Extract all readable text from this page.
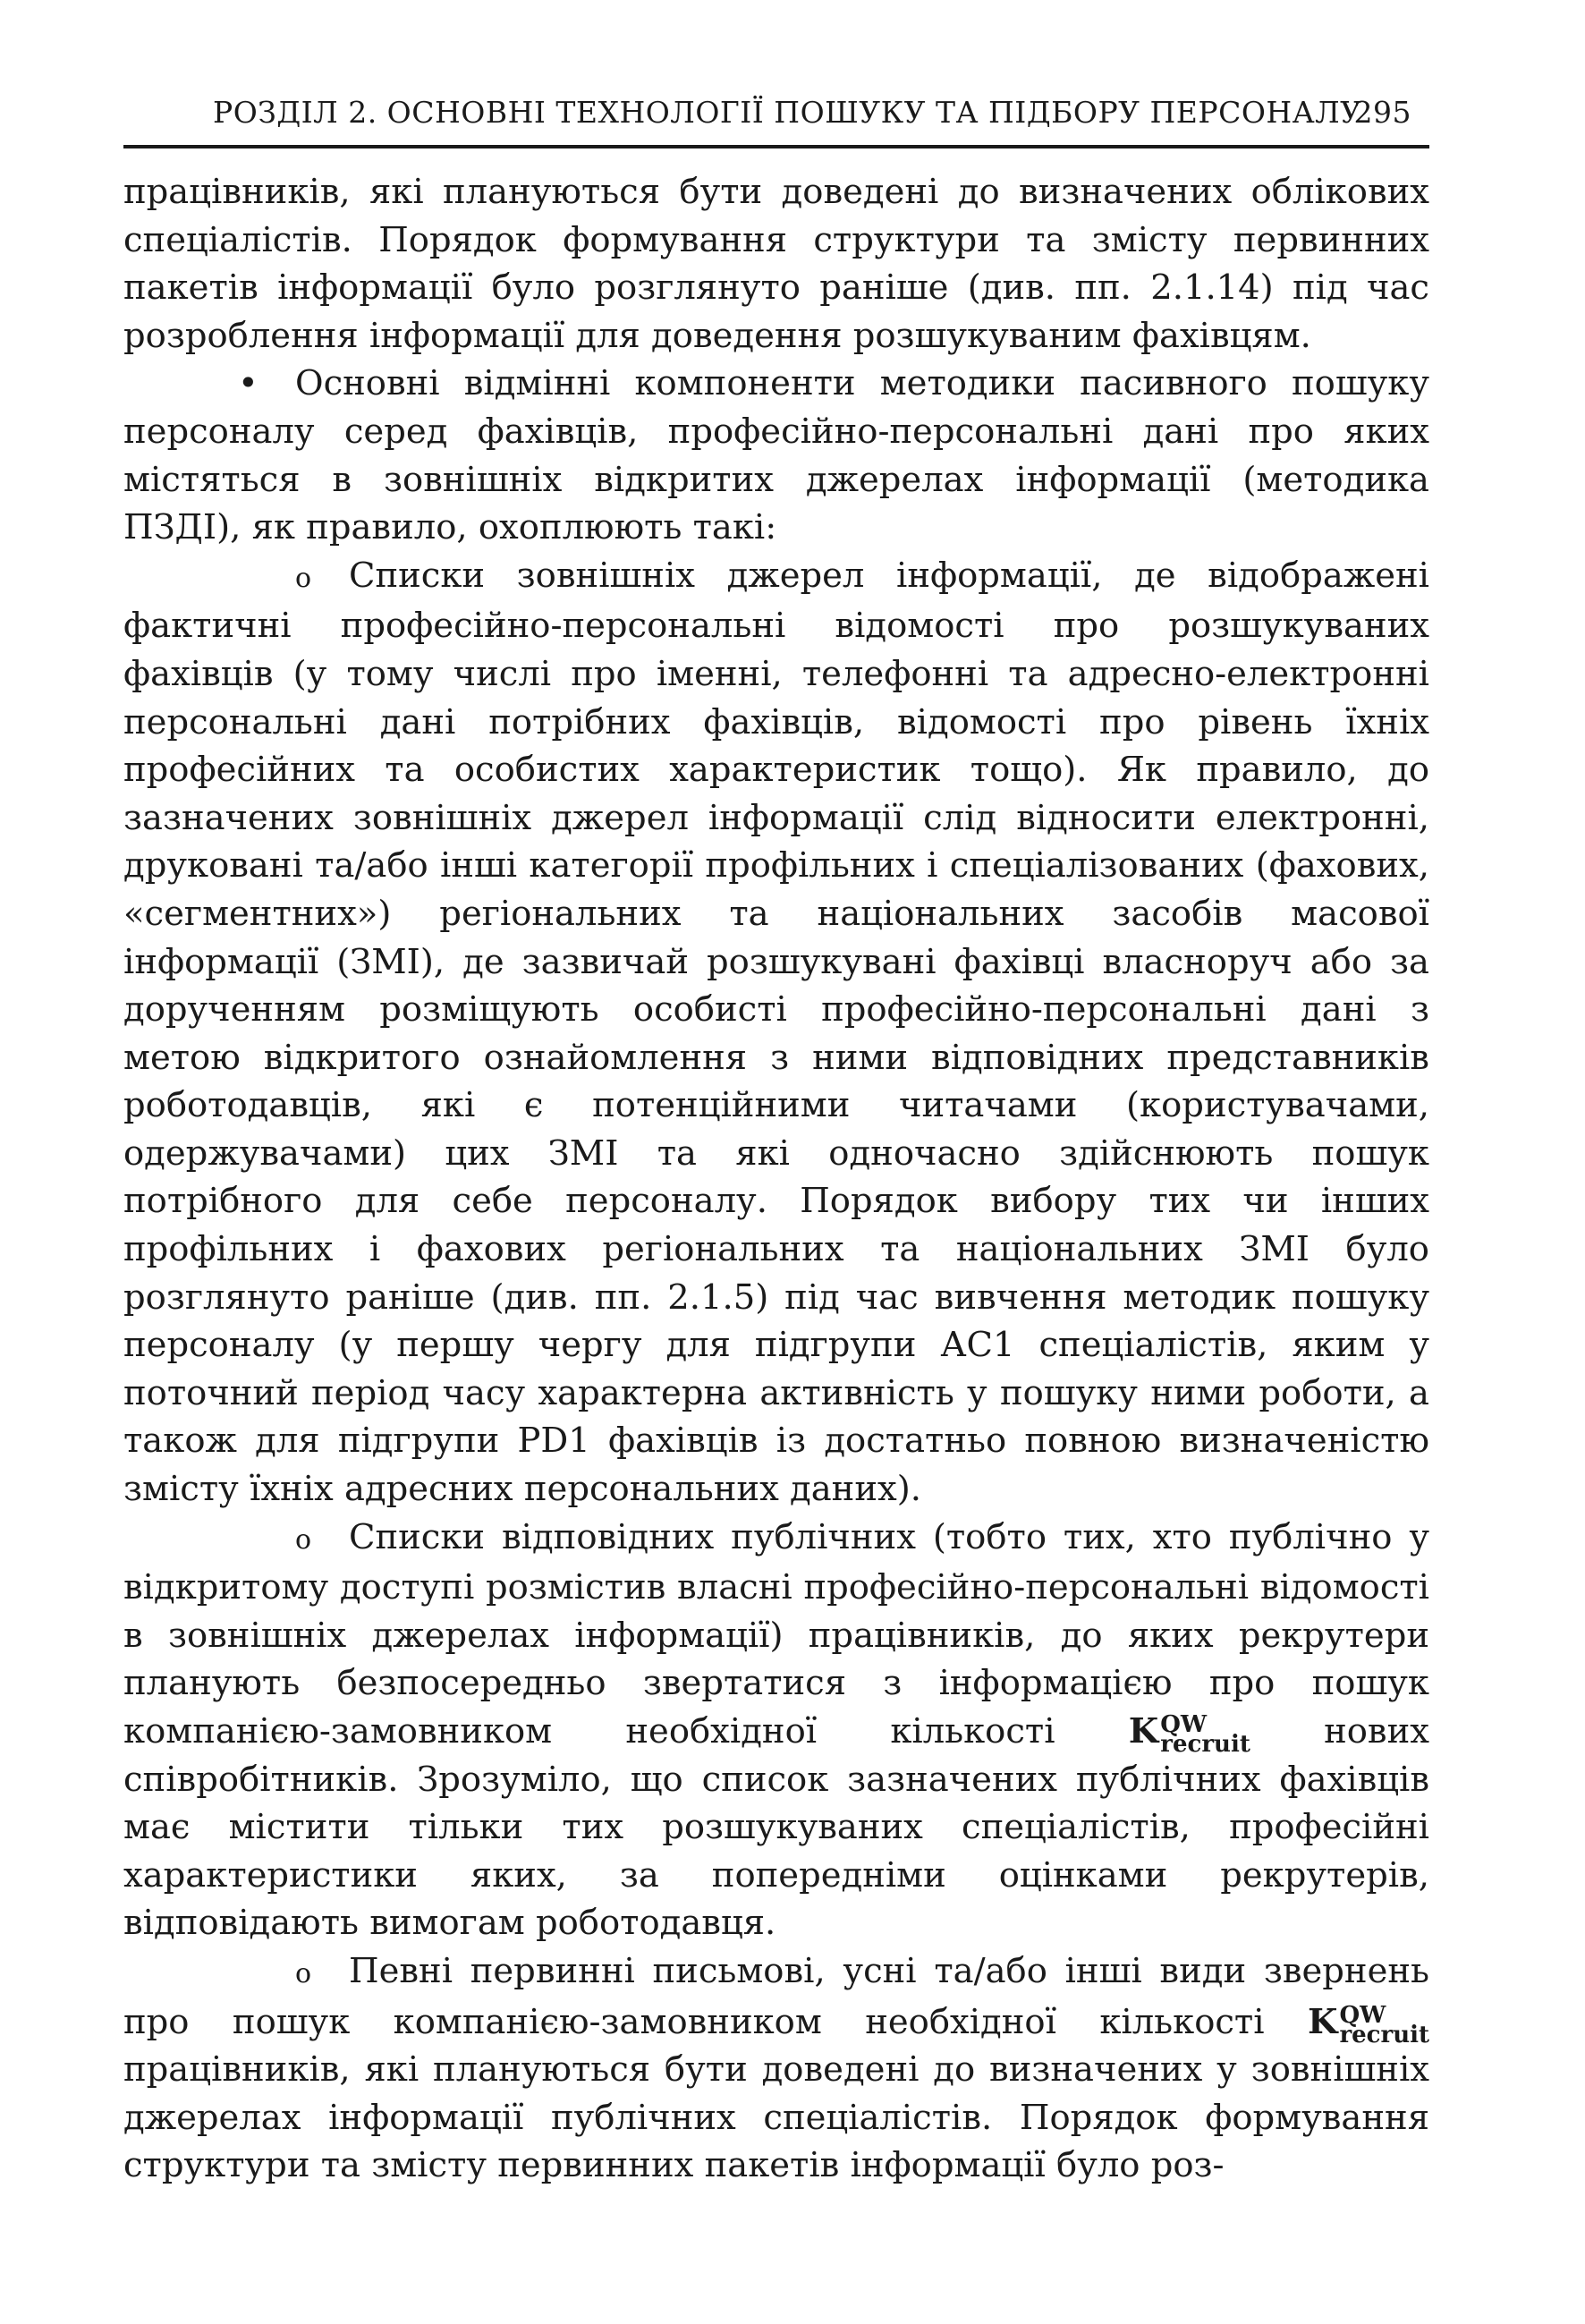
РОЗДІЛ 2. ОСНОВНІ ТЕХНОЛОГІЇ ПОШУКУ ТА ПІДБОРУ ПЕРСОНАЛУ
295

працівників, які плануються бути доведені до визначених облікових спеціалістів. Порядок формування структури та змісту первинних пакетів інформації було розглянуто раніше (див. пп. 2.1.14) під час розроблення інформації для доведення розшукуваним фахівцям.

• Основні відмінні компоненти методики пасивного пошуку персоналу серед фахівців, професійно-персональні дані про яких містяться в зовнішніх відкритих джерелах інформації (методика ПЗДІ), як правило, охоплюють такі:

o Списки зовнішніх джерел інформації, де відображені фактичні професійно-персональні відомості про розшукуваних фахівців (у тому числі про іменні, телефонні та адресно-електронні персональні дані потрібних фахівців, відомості про рівень їхніх професійних та особистих характеристик тощо). Як правило, до зазначених зовнішніх джерел інформації слід відносити електронні, друковані та/або інші категорії профільних і спеціалізованих (фахових, «сегментних») регіональних та національних засобів масової інформації (ЗМІ), де зазвичай розшукувані фахівці власноруч або за дорученням розміщують особисті професійно-персональні дані з метою відкритого ознайомлення з ними відповідних представників роботодавців, які є потенційними читачами (користувачами, одержувачами) цих ЗМІ та які одночасно здійснюють пошук потрібного для себе персоналу. Порядок вибору тих чи інших профільних і фахових регіональних та національних ЗМІ було розглянуто раніше (див. пп. 2.1.5) під час вивчення методик пошуку персоналу (у першу чергу для підгрупи АС1 спеціалістів, яким у поточний період часу характерна активність у пошуку ними роботи, а також для підгрупи PD1 фахівців із достатньо повною визначеністю змісту їхніх адресних персональних даних).

o Списки відповідних публічних (тобто тих, хто публічно у відкритому доступі розмістив власні професійно-персональні відомості в зовнішніх джерелах інформації) працівників, до яких рекрутери планують безпосередньо звертатися з інформацією про пошук компанією-замовником необхідної кількості K QW
recruit нових співробітників. Зрозуміло, що список зазначених публічних фахівців має містити тільки тих розшукуваних спеціалістів, професійні характеристики яких, за попередніми оцінками рекрутерів, відповідають вимогам роботодавця.

o Певні первинні письмові, усні та/або інші види звернень про пошук компанією-замовником необхідної кількості K QW
recruit
працівників, які плануються бути доведені до визначених у зовнішніх джерелах інформації публічних спеціалістів. Порядок формування структури та змісту первинних пакетів інформації було роз-
